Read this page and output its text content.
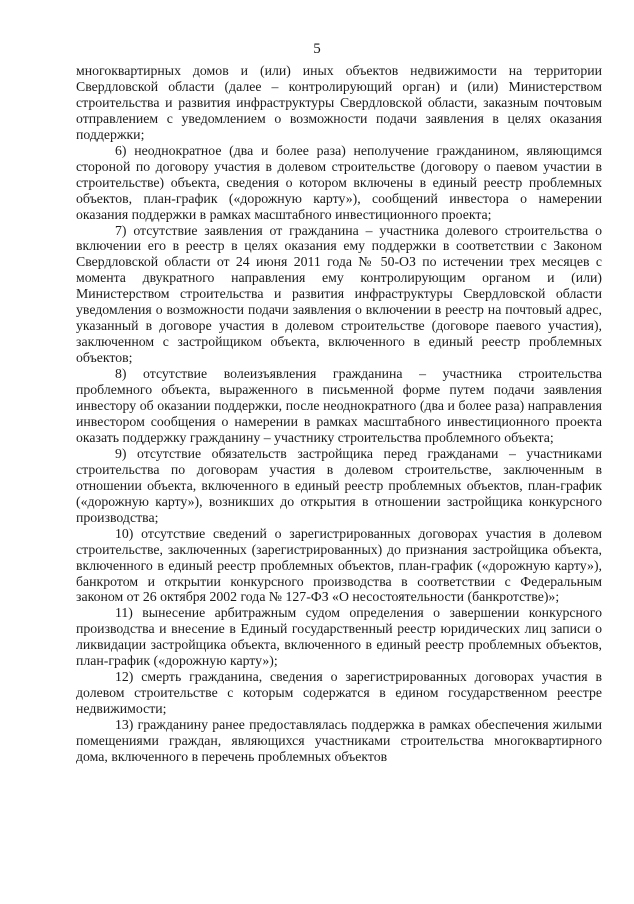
5

многоквартирных домов и (или) иных объектов недвижимости на территории Свердловской области (далее – контролирующий орган) и (или) Министерством строительства и развития инфраструктуры Свердловской области, заказным почтовым отправлением с уведомлением о возможности подачи заявления в целях оказания поддержки;

6) неоднократное (два и более раза) неполучение гражданином, являющимся стороной по договору участия в долевом строительстве (договору о паевом участии в строительстве) объекта, сведения о котором включены в единый реестр проблемных объектов, план-график («дорожную карту»), сообщений инвестора о намерении оказания поддержки в рамках масштабного инвестиционного проекта;

7) отсутствие заявления от гражданина – участника долевого строительства о включении его в реестр в целях оказания ему поддержки в соответствии с Законом Свердловской области от 24 июня 2011 года № 50-ОЗ по истечении трех месяцев с момента двукратного направления ему контролирующим органом и (или) Министерством строительства и развития инфраструктуры Свердловской области уведомления о возможности подачи заявления о включении в реестр на почтовый адрес, указанный в договоре участия в долевом строительстве (договоре паевого участия), заключенном с застройщиком объекта, включенного в единый реестр проблемных объектов;

8) отсутствие волеизъявления гражданина – участника строительства проблемного объекта, выраженного в письменной форме путем подачи заявления инвестору об оказании поддержки, после неоднократного (два и более раза) направления инвестором сообщения о намерении в рамках масштабного инвестиционного проекта оказать поддержку гражданину – участнику строительства проблемного объекта;

9) отсутствие обязательств застройщика перед гражданами – участниками строительства по договорам участия в долевом строительстве, заключенным в отношении объекта, включенного в единый реестр проблемных объектов, план-график («дорожную карту»), возникших до открытия в отношении застройщика конкурсного производства;

10) отсутствие сведений о зарегистрированных договорах участия в долевом строительстве, заключенных (зарегистрированных) до признания застройщика объекта, включенного в единый реестр проблемных объектов, план-график («дорожную карту»), банкротом и открытии конкурсного производства в соответствии с Федеральным законом от 26 октября 2002 года № 127-ФЗ «О несостоятельности (банкротстве)»;

11) вынесение арбитражным судом определения о завершении конкурсного производства и внесение в Единый государственный реестр юридических лиц записи о ликвидации застройщика объекта, включенного в единый реестр проблемных объектов, план-график («дорожную карту»);

12) смерть гражданина, сведения о зарегистрированных договорах участия в долевом строительстве с которым содержатся в едином государственном реестре недвижимости;

13) гражданину ранее предоставлялась поддержка в рамках обеспечения жилыми помещениями граждан, являющихся участниками строительства многоквартирного дома, включенного в перечень проблемных объектов
